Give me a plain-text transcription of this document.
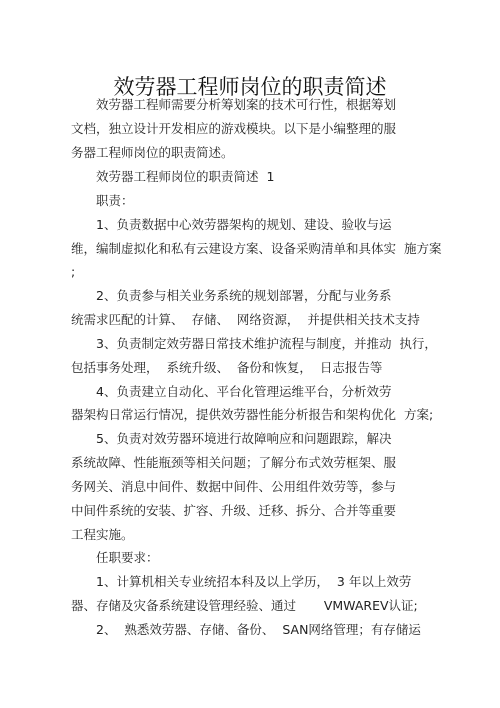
效劳器工程师岗位的职责简述
效劳器工程师需要分析筹划案的技术可行性，根据筹划
文档，独立设计开发相应的游戏模块。以下是小编整理的服
务器工程师岗位的职责简述。
效劳器工程师岗位的职责简述  1
职责：
1、负责数据中心效劳器架构的规划、建设、验收与运
维，编制虚拟化和私有云建设方案、设备采购清单和具体实  施方案
;
2、负责参与相关业务系统的规划部署，分配与业务系
统需求匹配的计算、  存储、  网络资源，  并提供相关技术支持
3、负责制定效劳器日常技术维护流程与制度，并推动  执行，
包括事务处理，  系统升级、  备份和恢复，  日志报告等
4、负责建立自动化、平台化管理运维平台，分析效劳
器架构日常运行情况，提供效劳器性能分析报告和架构优化  方案;
5、负责对效劳器环境进行故障响应和问题跟踪，解决
系统故障、性能瓶颈等相关问题；了解分布式效劳框架、服
务网关、消息中间件、数据中间件、公用组件效劳等，参与
中间件系统的安装、扩容、升级、迁移、拆分、合并等重要
工程实施。
任职要求：
1、计算机相关专业统招本科及以上学历，  3 年以上效劳
器、存储及灾备系统建设管理经验、通过       VMWAREV认证;
2、  熟悉效劳器、存储、备份、  SAN网络管理；有存储运
